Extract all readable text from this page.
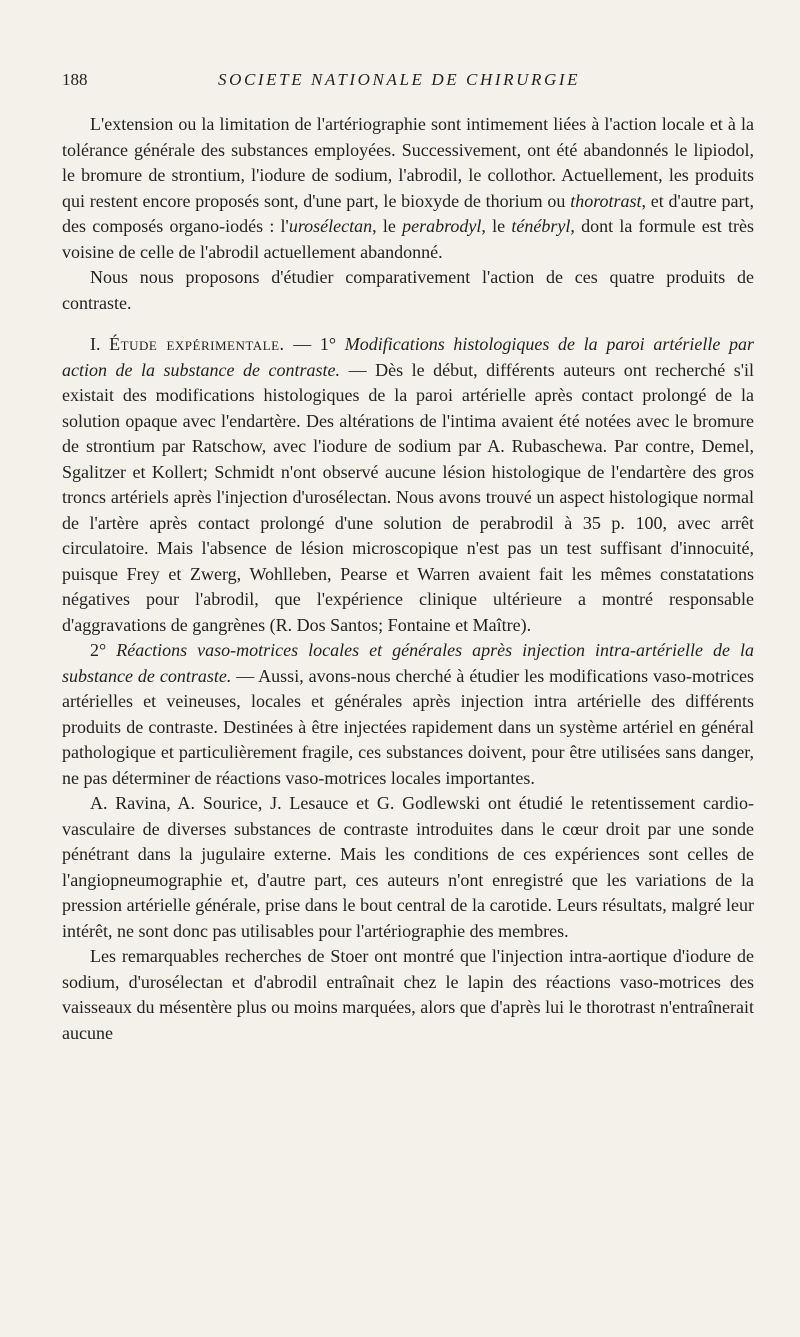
188	SOCIETE NATIONALE DE CHIRURGIE

L'extension ou la limitation de l'artériographie sont intimement liées à l'action locale et à la tolérance générale des substances employées. Successivement, ont été abandonnés le lipiodol, le bromure de strontium, l'iodure de sodium, l'abrodil, le collothor. Actuellement, les produits qui restent encore proposés sont, d'une part, le bioxyde de thorium ou thorotrast, et d'autre part, des composés organo-iodés : l'urosélectan, le perabrodyl, le ténébryl, dont la formule est très voisine de celle de l'abrodil actuellement abandonné.

Nous nous proposons d'étudier comparativement l'action de ces quatre produits de contraste.

I. Étude expérimentale. — 1° Modifications histologiques de la paroi artérielle par action de la substance de contraste. — Dès le début, différents auteurs ont recherché s'il existait des modifications histologiques de la paroi artérielle après contact prolongé de la solution opaque avec l'endartère. Des altérations de l'intima avaient été notées avec le bromure de strontium par Ratschow, avec l'iodure de sodium par A. Rubaschewa. Par contre, Demel, Sgalitzer et Kollert; Schmidt n'ont observé aucune lésion histologique de l'endartère des gros troncs artériels après l'injection d'urosélectan. Nous avons trouvé un aspect histologique normal de l'artère après contact prolongé d'une solution de perabrodil à 35 p. 100, avec arrêt circulatoire. Mais l'absence de lésion microscopique n'est pas un test suffisant d'innocuité, puisque Frey et Zwerg, Wohlleben, Pearse et Warren avaient fait les mêmes constatations négatives pour l'abrodil, que l'expérience clinique ultérieure a montré responsable d'aggravations de gangrènes (R. Dos Santos; Fontaine et Maître).

2° Réactions vaso-motrices locales et générales après injection intra-artérielle de la substance de contraste. — Aussi, avons-nous cherché à étudier les modifications vaso-motrices artérielles et veineuses, locales et générales après injection intra artérielle des différents produits de contraste. Destinées à être injectées rapidement dans un système artériel en général pathologique et particulièrement fragile, ces substances doivent, pour être utilisées sans danger, ne pas déterminer de réactions vaso-motrices locales importantes.

A. Ravina, A. Sourice, J. Lesauce et G. Godlewski ont étudié le retentissement cardio-vasculaire de diverses substances de contraste introduites dans le cœur droit par une sonde pénétrant dans la jugulaire externe. Mais les conditions de ces expériences sont celles de l'angiopneumographie et, d'autre part, ces auteurs n'ont enregistré que les variations de la pression artérielle générale, prise dans le bout central de la carotide. Leurs résultats, malgré leur intérêt, ne sont donc pas utilisables pour l'artériographie des membres.

Les remarquables recherches de Stoer ont montré que l'injection intra-aortique d'iodure de sodium, d'urosélectan et d'abrodil entraînait chez le lapin des réactions vaso-motrices des vaisseaux du mésentère plus ou moins marquées, alors que d'après lui le thorotrast n'entraînerait aucune
